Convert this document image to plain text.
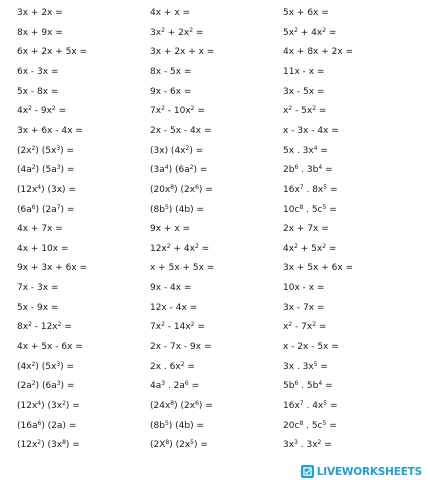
3x + 2x =	4x + x =	5x + 6x =
8x + 9x =	$3x^2 + 2x^2$ =	$5x^2 + 4x^2$ =
6x + 2x + 5x =	3x + 2x + x =	4x + 8x + 2x =
6x - 3x =	8x - 5x =	11x - x =
5x - 8x =	9x - 6x =	3x - 5x =
$4x^2 - 9x^2$ =	$7x^2 - 10x^2$ =	$x^2 - 5x^2$ =
3x + 6x - 4x =	2x - 5x - 4x =	x - 3x - 4x =
$(2x^2) (5x^3)$ =	(3x) $(4x^2)$ =	5x . $3x^4$ =
$(4a^2) (5a^3)$ =	$(3a^4) (6a^2)$ =	$2b^6$ . $3b^4$ =
$(12x^4) (3x)$ =	$(20x^8) (2x^6)$ =	$16x^7$ . $8x^5$ =
$(6a^6) (2a^7)$ =	$(8b^5) (4b)$ =	$10c^8$ . $5c^5$ =
4x + 7x =	9x + x =	2x + 7x =
4x + 10x =	$12x^2 + 4x^2$ =	$4x^2 + 5x^2$ =
9x + 3x + 6x =	x + 5x + 5x =	3x + 5x + 6x =
7x - 3x =	9x - 4x =	10x - x =
5x - 9x =	12x - 4x =	3x - 7x =
$8x^2 - 12x^2$ =	$7x^2 - 14x^2$ =	$x^2 - 7x^2$ =
4x + 5x - 6x =	2x - 7x - 9x =	x - 2x - 5x =
$(4x^2) (5x^3)$ =	2x . $6x^2$ =	3x . $3x^5$ =
$(2a^2) (6a^3)$ =	$4a^3$ . $2a^6$ =	$5b^6$ . $5b^4$ =
$(12x^4) (3x^2)$ =	$(24x^8) (2x^6)$ =	$16x^7$ . $4x^5$ =
$(16a^6) (2a)$ =	$(8b^5) (4b)$ =	$20c^8$ . $5c^5$ =
$(12x^2) (3x^8)$ =	$(2X^8) (2x^5)$ =	$3x^3$ . $3x^2$ =
LIVEWORKSHEETS
